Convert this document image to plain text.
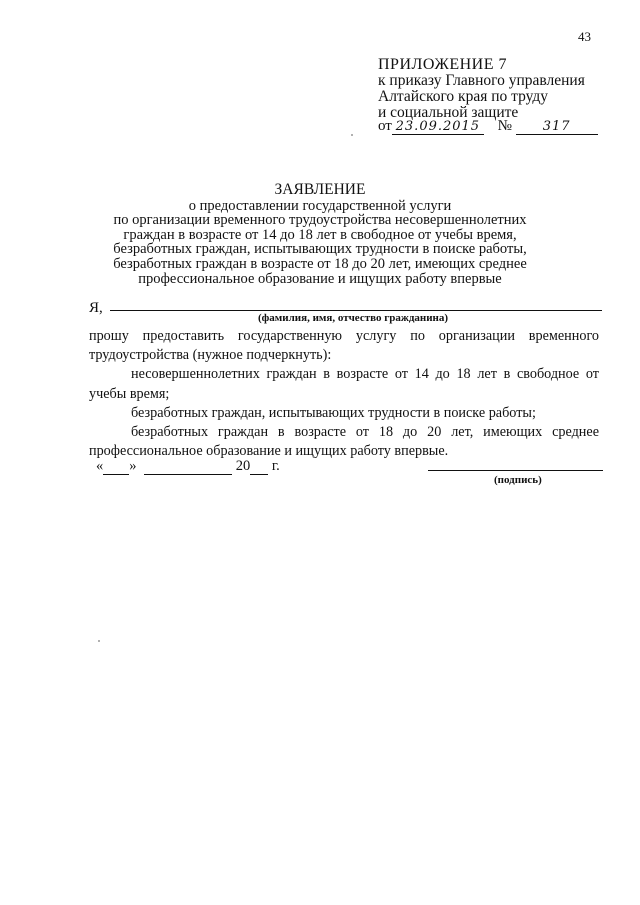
43
ПРИЛОЖЕНИЕ 7
к приказу Главного управления
Алтайского края по труду
и социальной защите
от 23.09.2015 № 317
ЗАЯВЛЕНИЕ
о предоставлении государственной услуги
по организации временного трудоустройства несовершеннолетних
граждан в возрасте от 14 до 18 лет в свободное от учебы время,
безработных граждан, испытывающих трудности в поиске работы,
безработных граждан в возрасте от 18 до 20 лет, имеющих среднее
профессиональное образование и ищущих работу впервые
Я,
(фамилия, имя, отчество гражданина)

прошу предоставить государственную услугу по организации временного трудоустройства (нужное подчеркнуть):

несовершеннолетних граждан в возрасте от 14 до 18 лет в свободное от учебы время;

безработных граждан, испытывающих трудности в поиске работы;

безработных граждан в возрасте от 18 до 20 лет, имеющих среднее профессиональное образование и ищущих работу впервые.

« »	20 г.
(подпись)
